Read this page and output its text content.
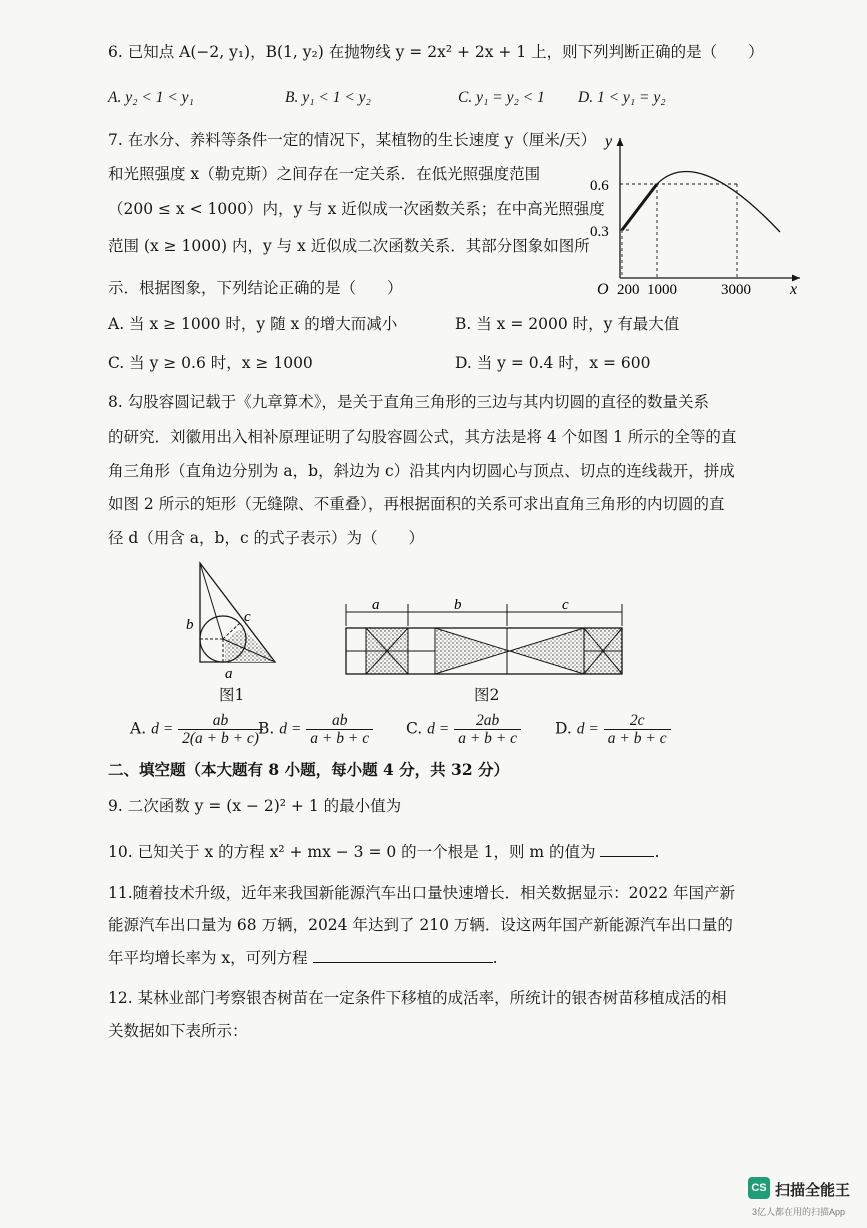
6. 已知点 A(−2, y₁)，B(1, y₂) 在抛物线 y = 2x² + 2x + 1 上，则下列判断正确的是（　　）
A. y₂ < 1 < y₁	B. y₁ < 1 < y₂	C. y₁ = y₂ < 1 D. 1 < y₁ = y₂
7. 在水分、养料等条件一定的情况下，某植物的生长速度 y（厘米/天）
和光照强度 x（勒克斯）之间存在一定关系．在低光照强度范围
（200 ≤ x < 1000）内，y 与 x 近似成一次函数关系；在中高光照强度
范围 (x ≥ 1000) 内，y 与 x 近似成二次函数关系．其部分图象如图所
示．根据图象，下列结论正确的是（　　）
y
x
O
0.6
0.3
200 1000	3000
A. 当 x ≥ 1000 时，y 随 x 的增大而减小	B. 当 x = 2000 时，y 有最大值
C. 当 y ≥ 0.6 时，x ≥ 1000	D. 当 y = 0.4 时，x = 600
8. 勾股容圆记载于《九章算术》，是关于直角三角形的三边与其内切圆的直径的数量关系
的研究．刘徽用出入相补原理证明了勾股容圆公式，其方法是将 4 个如图 1 所示的全等的直
角三角形（直角边分别为 a，b，斜边为 c）沿其内内切圆心与顶点、切点的连线裁开，拼成
如图 2 所示的矩形（无缝隙、不重叠），再根据面积的关系可求出直角三角形的内切圆的直
径 d（用含 a，b，c 的式子表示）为（　　）
b	c
a
图1
a	b	c
图2
A. $d = \frac{ab}{2(a + b + c)}$
B. $d = \frac{ab}{a + b + c} C$. $d = \frac{2ab}{a + b + c} D$. $d = \frac{2c}{a + b + c}$
二、填空题（本大题有 8 小题，每小题 4 分，共 32 分）
9. 二次函数 y = (x − 2)² + 1 的最小值为
10. 已知关于 x 的方程 x² + mx − 3 = 0 的一个根是 1，则 m 的值为	.
11.随着技术升级，近年来我国新能源汽车出口量快速增长．相关数据显示：2022 年国产新
能源汽车出口量为 68 万辆，2024 年达到了 210 万辆．设这两年国产新能源汽车出口量的
年平均增长率为 x，可列方程	.
12. 某林业部门考察银杏树苗在一定条件下移植的成活率，所统计的银杏树苗移植成活的相
关数据如下表所示：
CS 扫描全能王
3亿人都在用的扫描App
